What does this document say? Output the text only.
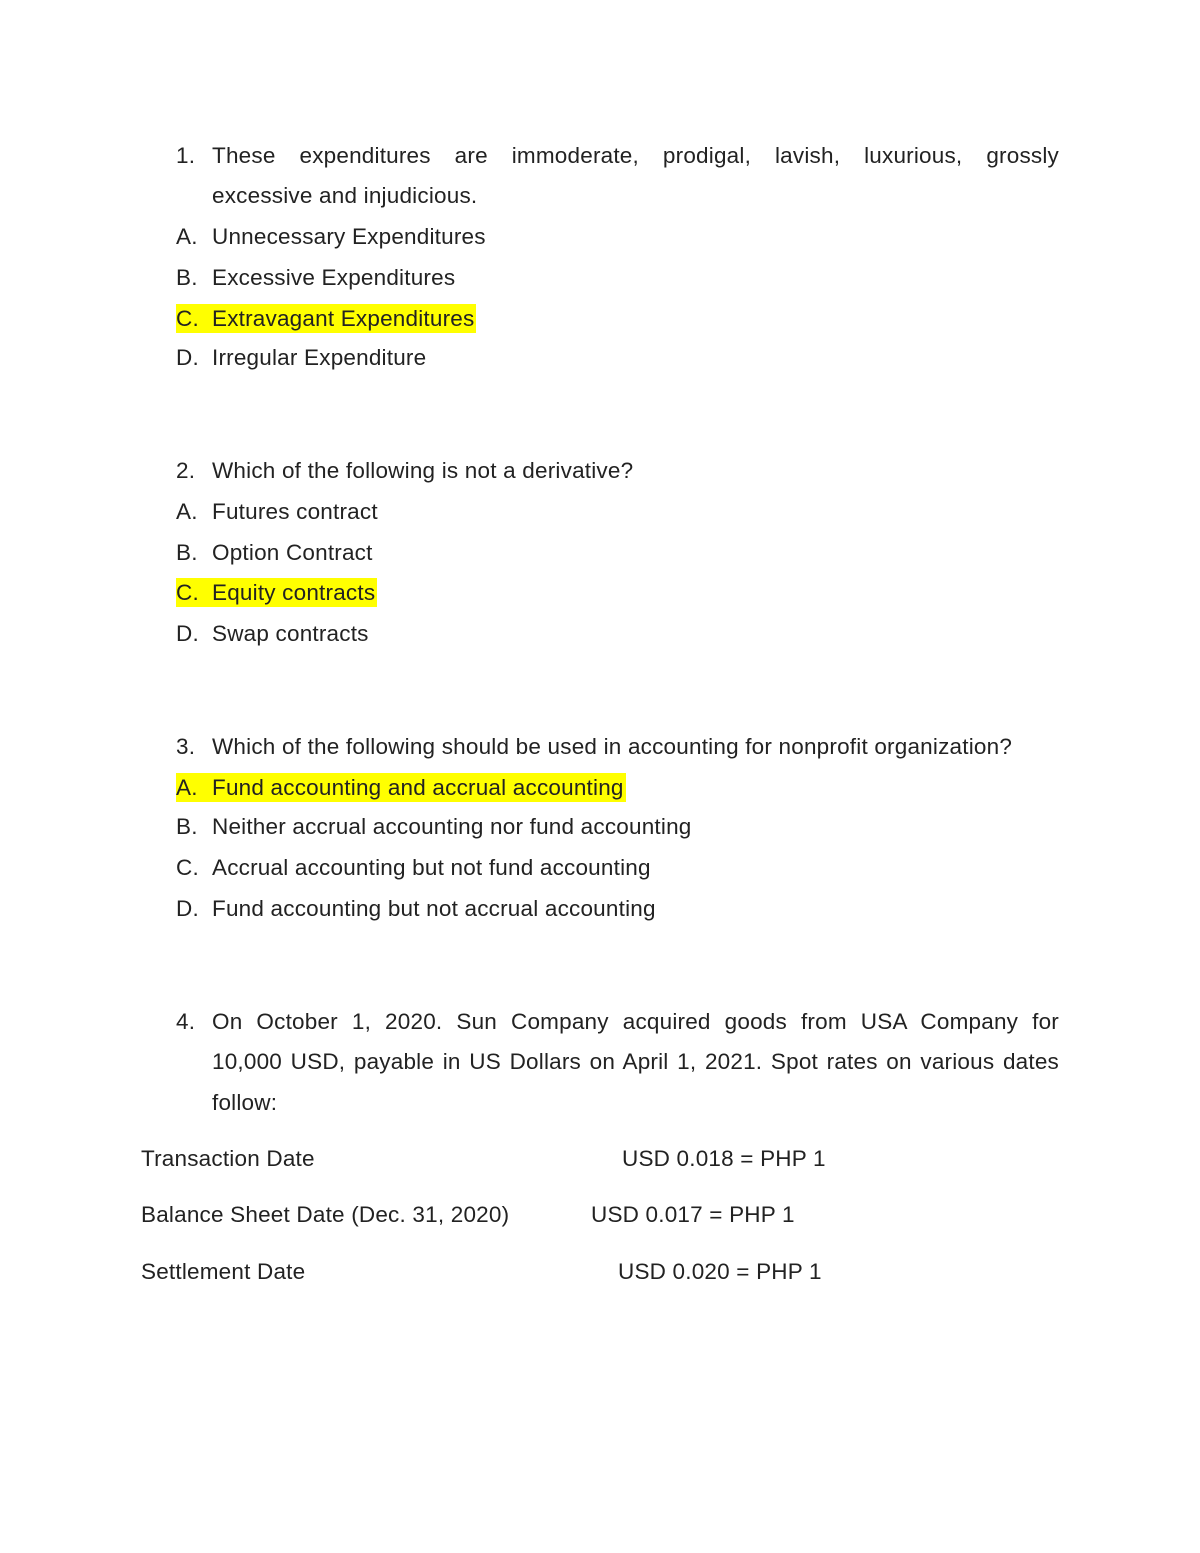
1. These expenditures are immoderate, prodigal, lavish, luxurious, grossly
excessive and injudicious.
A. Unnecessary Expenditures
B. Excessive Expenditures
C. Extravagant Expenditures
D. Irregular Expenditure
2. Which of the following is not a derivative?
A. Futures contract
B. Option Contract
C. Equity contracts
D. Swap contracts
3. Which of the following should be used in accounting for nonprofit organization?
A. Fund accounting and accrual accounting
B. Neither accrual accounting nor fund accounting
C. Accrual accounting but not fund accounting
D. Fund accounting but not accrual accounting
4. On October 1, 2020. Sun Company acquired goods from USA Company for
10,000 USD, payable in US Dollars on April 1, 2021. Spot rates on various dates
follow:
Transaction Date	USD 0.018 = PHP 1
Balance Sheet Date (Dec. 31, 2020)	USD 0.017 = PHP 1
Settlement Date	USD 0.020 = PHP 1
